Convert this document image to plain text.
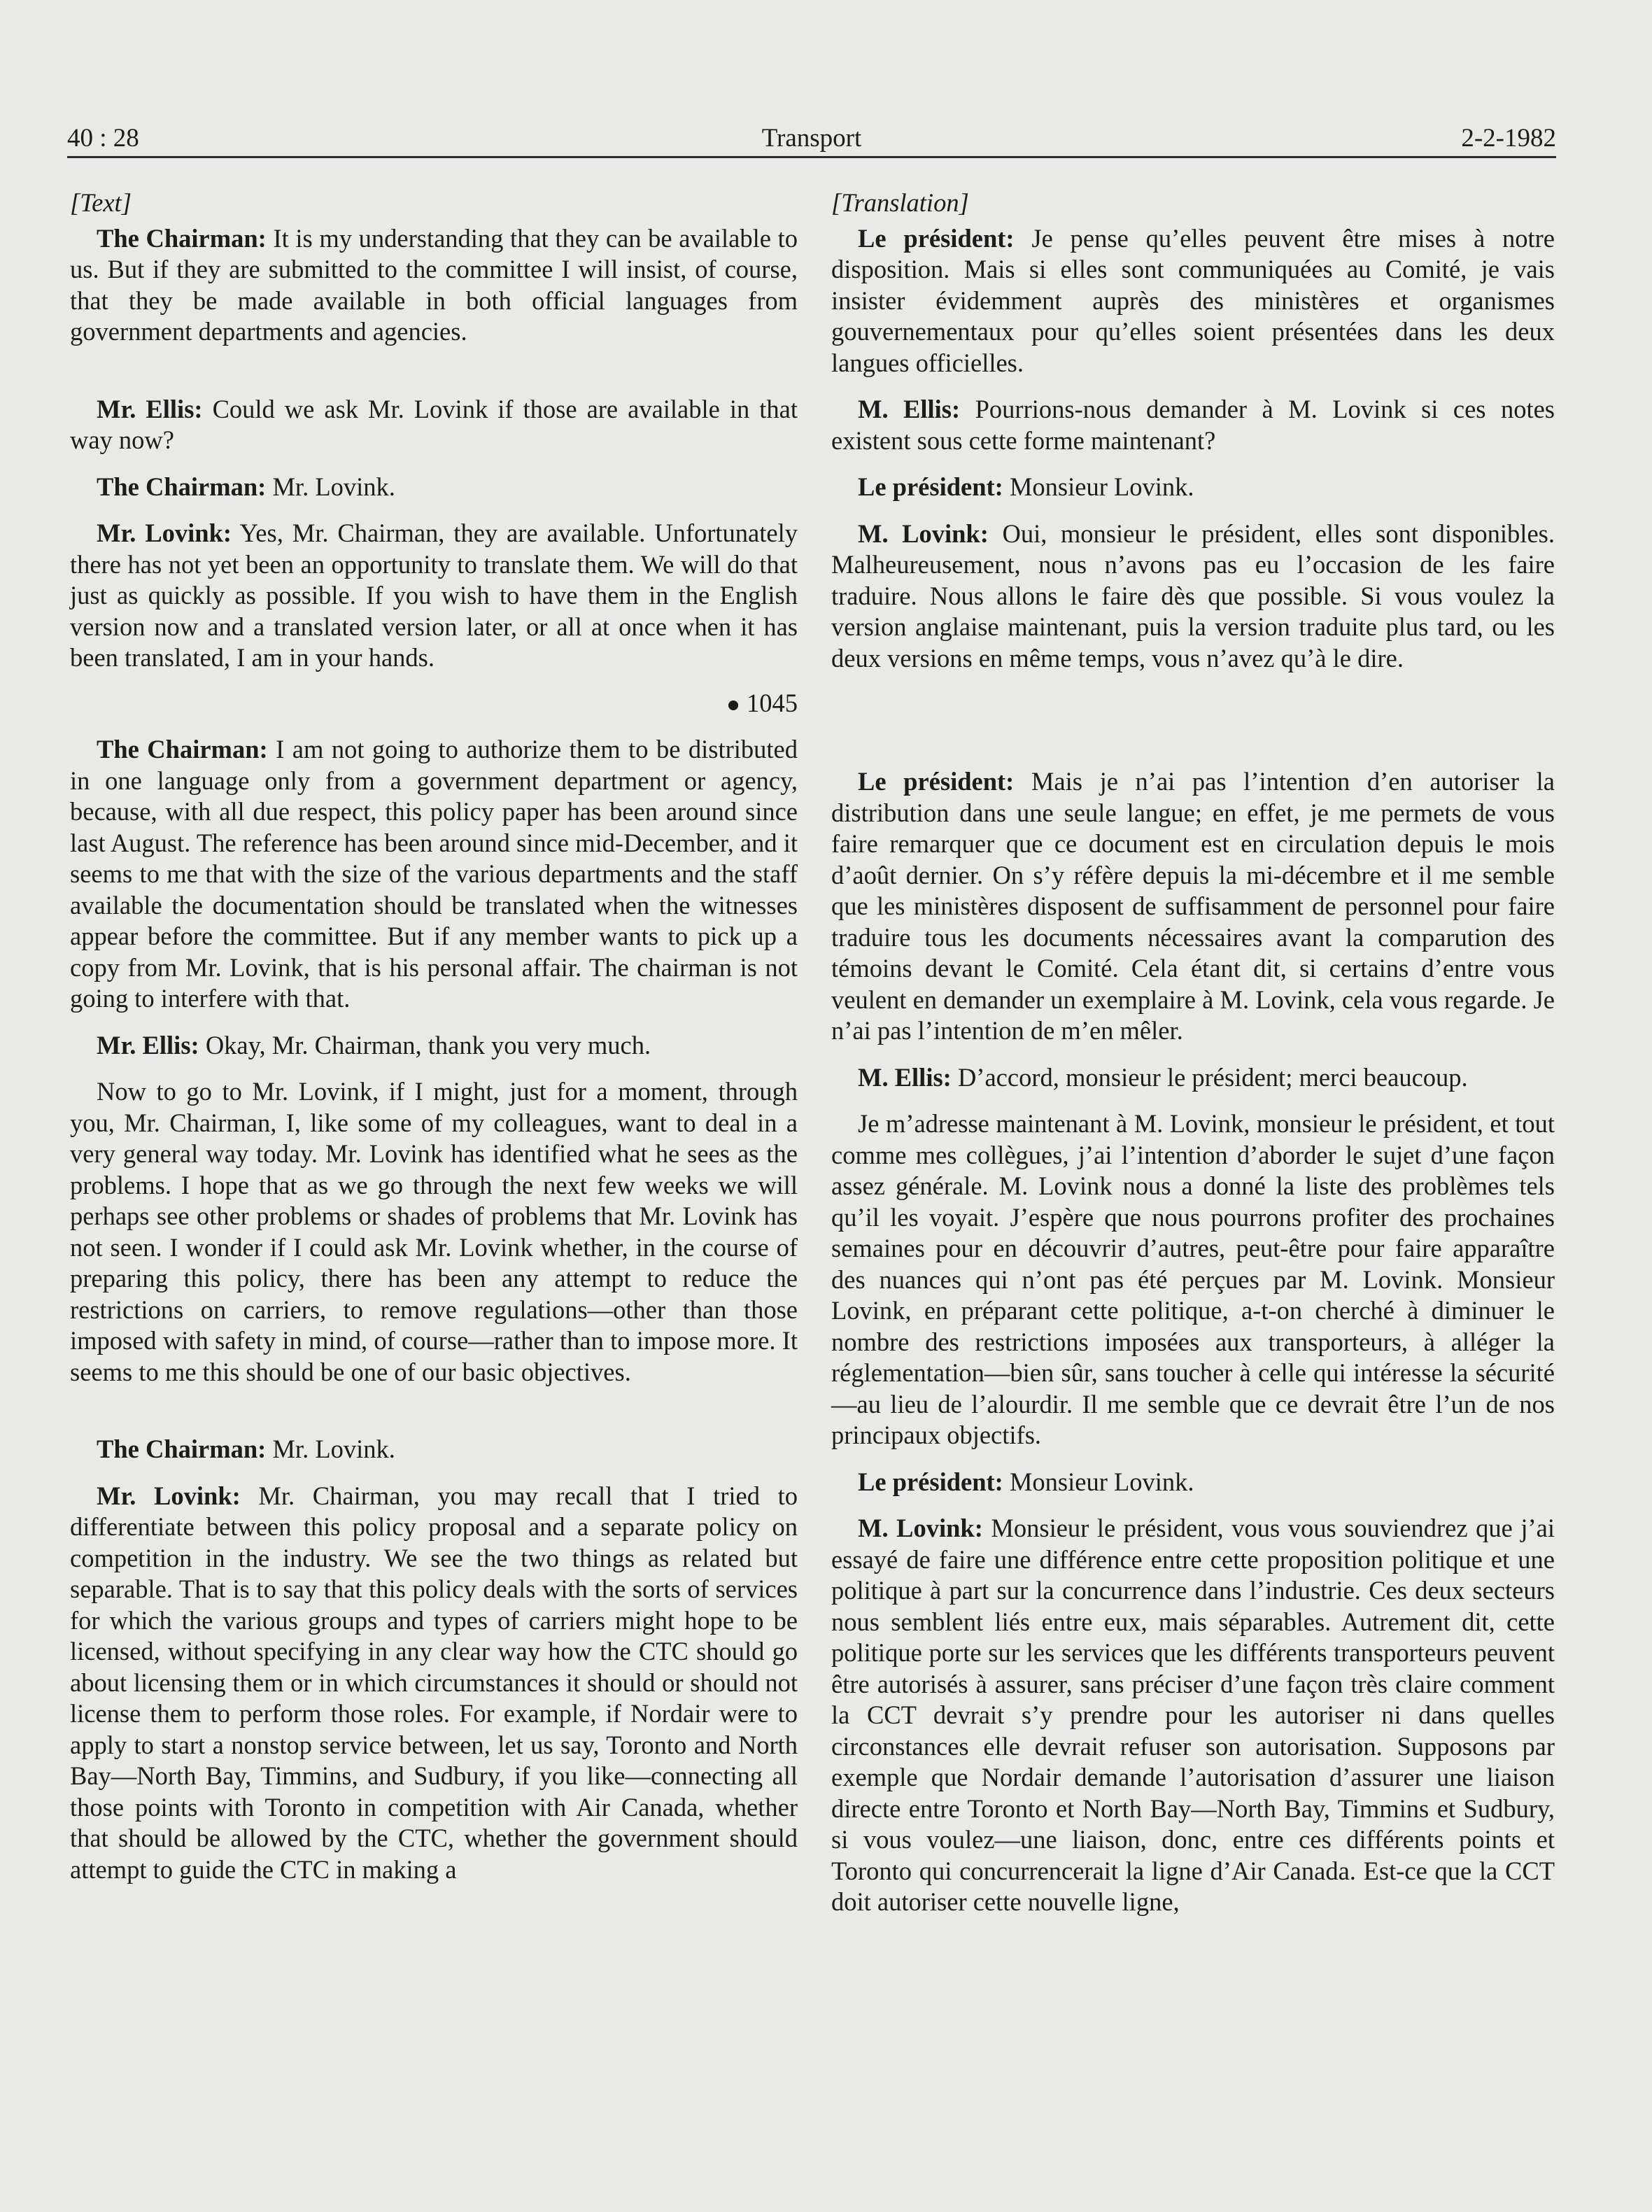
40 : 28	Transport	2-2-1982

[Text]

The Chairman: It is my understanding that they can be available to us. But if they are submitted to the committee I will insist, of course, that they be made available in both official languages from government departments and agencies.

Mr. Ellis: Could we ask Mr. Lovink if those are available in that way now?

The Chairman: Mr. Lovink.

Mr. Lovink: Yes, Mr. Chairman, they are available. Unfortunately there has not yet been an opportunity to translate them. We will do that just as quickly as possible. If you wish to have them in the English version now and a translated version later, or all at once when it has been translated, I am in your hands.

1045

The Chairman: I am not going to authorize them to be distributed in one language only from a government department or agency, because, with all due respect, this policy paper has been around since last August. The reference has been around since mid-December, and it seems to me that with the size of the various departments and the staff available the documentation should be translated when the witnesses appear before the committee. But if any member wants to pick up a copy from Mr. Lovink, that is his personal affair. The chairman is not going to interfere with that.

Mr. Ellis: Okay, Mr. Chairman, thank you very much.

Now to go to Mr. Lovink, if I might, just for a moment, through you, Mr. Chairman, I, like some of my colleagues, want to deal in a very general way today. Mr. Lovink has identified what he sees as the problems. I hope that as we go through the next few weeks we will perhaps see other problems or shades of problems that Mr. Lovink has not seen. I wonder if I could ask Mr. Lovink whether, in the course of preparing this policy, there has been any attempt to reduce the restrictions on carriers, to remove regulations—other than those imposed with safety in mind, of course—rather than to impose more. It seems to me this should be one of our basic objectives.

The Chairman: Mr. Lovink.

Mr. Lovink: Mr. Chairman, you may recall that I tried to differentiate between this policy proposal and a separate policy on competition in the industry. We see the two things as related but separable. That is to say that this policy deals with the sorts of services for which the various groups and types of carriers might hope to be licensed, without specifying in any clear way how the CTC should go about licensing them or in which circumstances it should or should not license them to perform those roles. For example, if Nordair were to apply to start a nonstop service between, let us say, Toronto and North Bay—North Bay, Timmins, and Sudbury, if you like—connecting all those points with Toronto in competition with Air Canada, whether that should be allowed by the CTC, whether the government should attempt to guide the CTC in making a

[Translation]

Le président: Je pense qu’elles peuvent être mises à notre disposition. Mais si elles sont communiquées au Comité, je vais insister évidemment auprès des ministères et organismes gouvernementaux pour qu’elles soient présentées dans les deux langues officielles.

M. Ellis: Pourrions-nous demander à M. Lovink si ces notes existent sous cette forme maintenant?

Le président: Monsieur Lovink.

M. Lovink: Oui, monsieur le président, elles sont disponibles. Malheureusement, nous n’avons pas eu l’occasion de les faire traduire. Nous allons le faire dès que possible. Si vous voulez la version anglaise maintenant, puis la version traduite plus tard, ou les deux versions en même temps, vous n’avez qu’à le dire.

Le président: Mais je n’ai pas l’intention d’en autoriser la distribution dans une seule langue; en effet, je me permets de vous faire remarquer que ce document est en circulation depuis le mois d’août dernier. On s’y réfère depuis la mi-décembre et il me semble que les ministères disposent de suffisamment de personnel pour faire traduire tous les documents nécessaires avant la comparution des témoins devant le Comité. Cela étant dit, si certains d’entre vous veulent en demander un exemplaire à M. Lovink, cela vous regarde. Je n’ai pas l’intention de m’en mêler.

M. Ellis: D’accord, monsieur le président; merci beaucoup.

Je m’adresse maintenant à M. Lovink, monsieur le président, et tout comme mes collègues, j’ai l’intention d’aborder le sujet d’une façon assez générale. M. Lovink nous a donné la liste des problèmes tels qu’il les voyait. J’espère que nous pourrons profiter des prochaines semaines pour en découvrir d’autres, peut-être pour faire apparaître des nuances qui n’ont pas été perçues par M. Lovink. Monsieur Lovink, en préparant cette politique, a-t-on cherché à diminuer le nombre des restrictions imposées aux transporteurs, à alléger la réglementation—bien sûr, sans toucher à celle qui intéresse la sécurité—au lieu de l’alourdir. Il me semble que ce devrait être l’un de nos principaux objectifs.

Le président: Monsieur Lovink.

M. Lovink: Monsieur le président, vous vous souviendrez que j’ai essayé de faire une différence entre cette proposition politique et une politique à part sur la concurrence dans l’industrie. Ces deux secteurs nous semblent liés entre eux, mais séparables. Autrement dit, cette politique porte sur les services que les différents transporteurs peuvent être autorisés à assurer, sans préciser d’une façon très claire comment la CCT devrait s’y prendre pour les autoriser ni dans quelles circonstances elle devrait refuser son autorisation. Supposons par exemple que Nordair demande l’autorisation d’assurer une liaison directe entre Toronto et North Bay—North Bay, Timmins et Sudbury, si vous voulez—une liaison, donc, entre ces différents points et Toronto qui concurrencerait la ligne d’Air Canada. Est-ce que la CCT doit autoriser cette nouvelle ligne,
